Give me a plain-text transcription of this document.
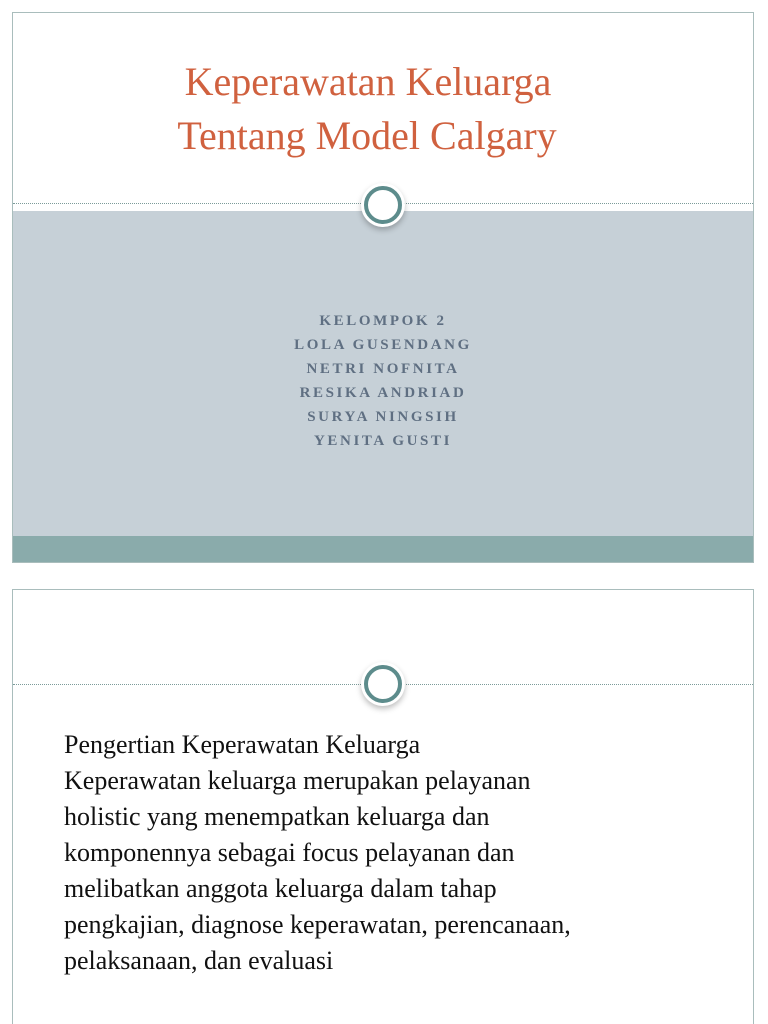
Keperawatan Keluarga
Tentang Model Calgary
KELOMPOK 2
LOLA GUSENDANG
NETRI NOFNITA
RESIKA ANDRIAD
SURYA NINGSIH
YENITA GUSTI
Pengertian Keperawatan Keluarga
Keperawatan keluarga merupakan pelayanan
holistic yang menempatkan keluarga dan
komponennya sebagai focus pelayanan dan
melibatkan anggota keluarga dalam tahap
pengkajian, diagnose keperawatan, perencanaan,
pelaksanaan, dan evaluasi
